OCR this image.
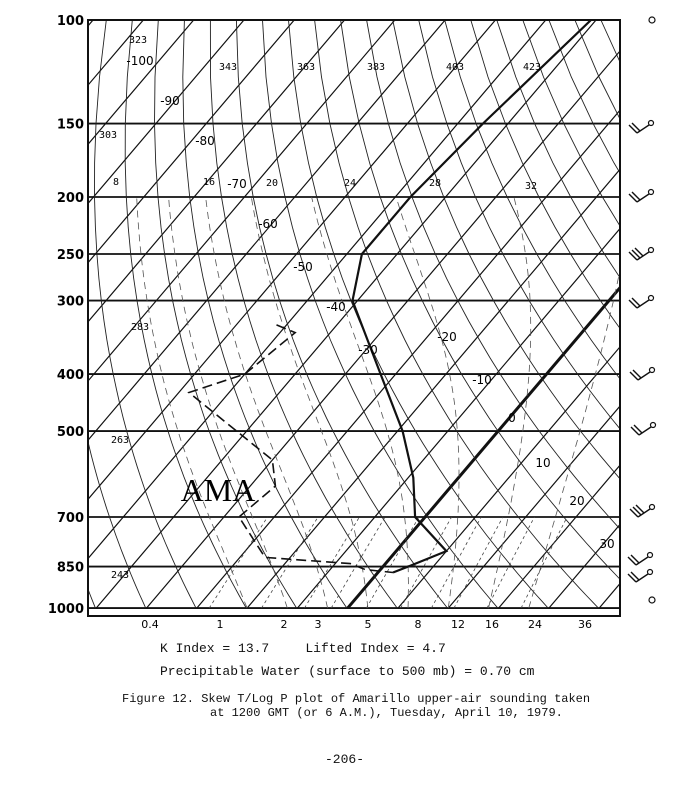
100
150
200
250
300
400
500
700
850
1000
0.4	1	2 3	5	8	12 16	24	36
-100
-90
-80
-70
-60
-50
-40
-30
-20
-10
0
10
20
30
323
343	363	383	403	423
303
283
263
243
8	16	20	24	28	32
AMA
K Index = 13.7	Lifted Index = 4.7
Precipitable Water (surface to 500 mb) = 0.70 cm
Figure 12. Skew T/Log P plot of Amarillo upper-air sounding taken
at 1200 GMT (or 6 A.M.), Tuesday, April 10, 1979.
-206-
